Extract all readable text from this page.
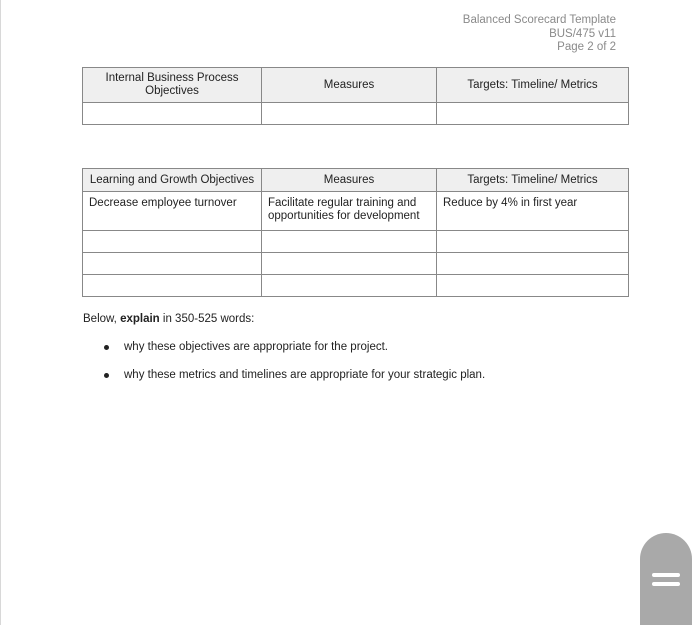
Balanced Scorecard Template
BUS/475 v11
Page 2 of 2
Internal Business Process Objectives	Measures	Targets: Timeline/ Metrics

Learning and Growth Objectives	Measures	Targets: Timeline/ Metrics
Decrease employee turnover	Facilitate regular training and opportunities for development	Reduce by 4% in first year

Below, explain in 350-525 words:
why these objectives are appropriate for the project.
why these metrics and timelines are appropriate for your strategic plan.
